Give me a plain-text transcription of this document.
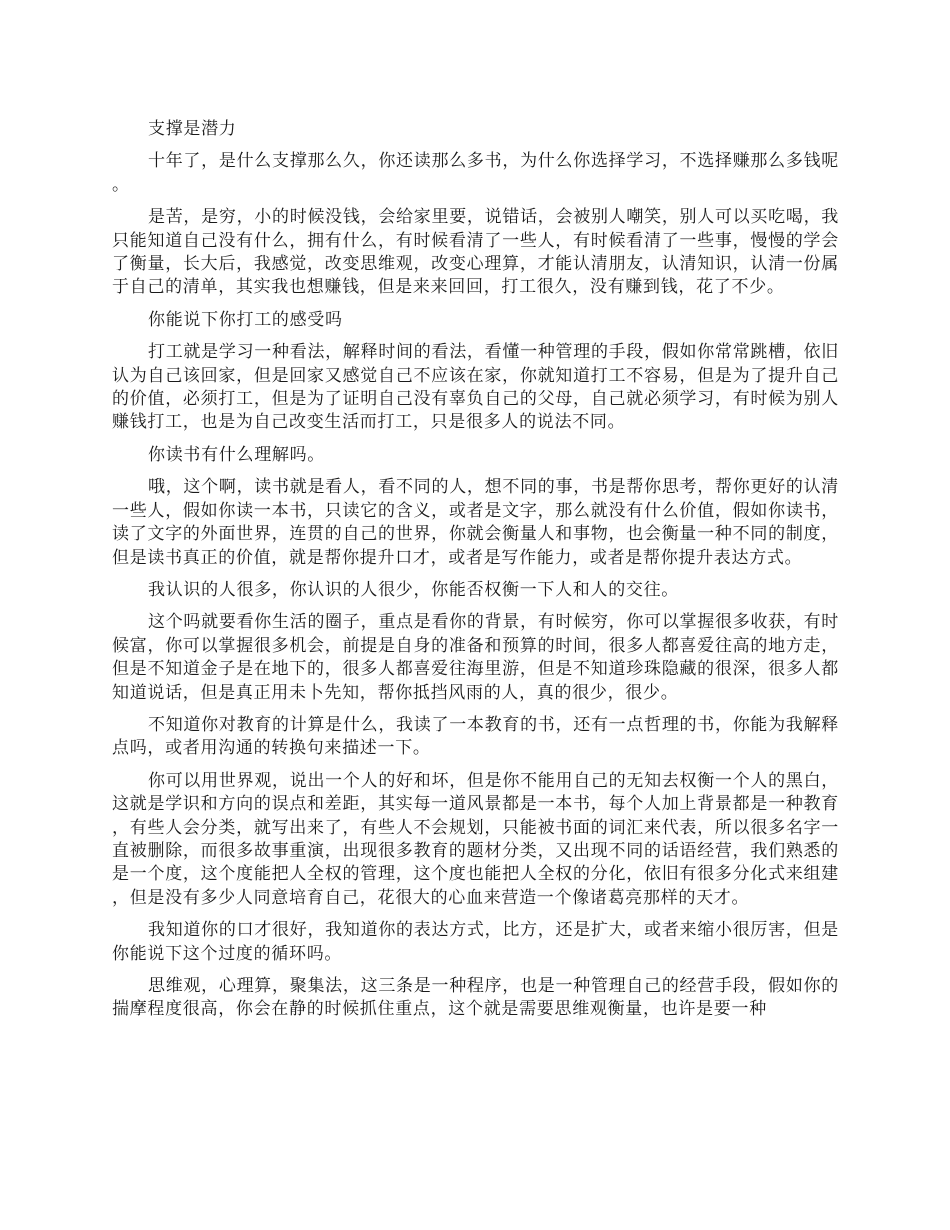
支撑是潜力

十年了，是什么支撑那么久，你还读那么多书，为什么你选择学习，不选择赚那么多钱呢。

是苦，是穷，小的时候没钱，会给家里要，说错话，会被别人嘲笑，别人可以买吃喝，我只能知道自己没有什么，拥有什么，有时候看清了一些人，有时候看清了一些事，慢慢的学会了衡量，长大后，我感觉，改变思维观，改变心理算，才能认清朋友，认清知识，认清一份属于自己的清单，其实我也想赚钱，但是来来回回，打工很久，没有赚到钱，花了不少。

你能说下你打工的感受吗

打工就是学习一种看法，解释时间的看法，看懂一种管理的手段，假如你常常跳槽，依旧认为自己该回家，但是回家又感觉自己不应该在家，你就知道打工不容易，但是为了提升自己的价值，必须打工，但是为了证明自己没有辜负自己的父母，自己就必须学习，有时候为别人赚钱打工，也是为自己改变生活而打工，只是很多人的说法不同。

你读书有什么理解吗。

哦，这个啊，读书就是看人，看不同的人，想不同的事，书是帮你思考，帮你更好的认清一些人，假如你读一本书，只读它的含义，或者是文字，那么就没有什么价值，假如你读书，读了文字的外面世界，连贯的自己的世界，你就会衡量人和事物，也会衡量一种不同的制度，但是读书真正的价值，就是帮你提升口才，或者是写作能力，或者是帮你提升表达方式。

我认识的人很多，你认识的人很少，你能否权衡一下人和人的交往。

这个吗就要看你生活的圈子，重点是看你的背景，有时候穷，你可以掌握很多收获，有时候富，你可以掌握很多机会，前提是自身的准备和预算的时间，很多人都喜爱往高的地方走，但是不知道金子是在地下的，很多人都喜爱往海里游，但是不知道珍珠隐藏的很深，很多人都知道说话，但是真正用未卜先知，帮你抵挡风雨的人，真的很少，很少。

不知道你对教育的计算是什么，我读了一本教育的书，还有一点哲理的书，你能为我解释点吗，或者用沟通的转换句来描述一下。

你可以用世界观，说出一个人的好和坏，但是你不能用自己的无知去权衡一个人的黑白，这就是学识和方向的误点和差距，其实每一道风景都是一本书，每个人加上背景都是一种教育，有些人会分类，就写出来了，有些人不会规划，只能被书面的词汇来代表，所以很多名字一直被删除，而很多故事重演，出现很多教育的题材分类，又出现不同的话语经营，我们熟悉的是一个度，这个度能把人全权的管理，这个度也能把人全权的分化，依旧有很多分化式来组建，但是没有多少人同意培育自己，花很大的心血来营造一个像诸葛亮那样的天才。

我知道你的口才很好，我知道你的表达方式，比方，还是扩大，或者来缩小很厉害，但是你能说下这个过度的循环吗。

思维观，心理算，聚集法，这三条是一种程序，也是一种管理自己的经营手段，假如你的揣摩程度很高，你会在静的时候抓住重点，这个就是需要思维观衡量，也许是要一种
